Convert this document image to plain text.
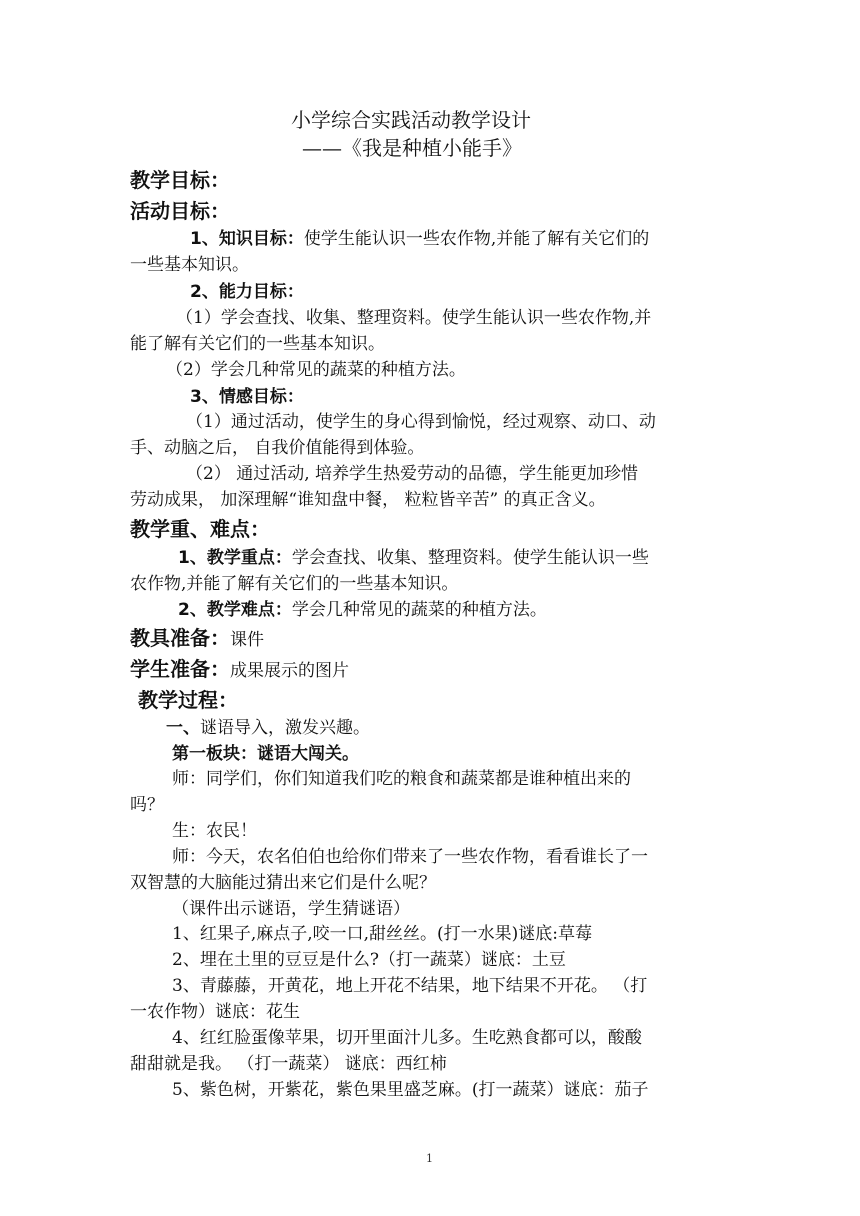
小学综合实践活动教学设计
——《我是种植小能手》
教学目标：
活动目标：
1、知识目标：使学生能认识一些农作物,并能了解有关它们的
一些基本知识。
2、能力目标：
（1）学会查找、收集、整理资料。使学生能认识一些农作物,并
能了解有关它们的一些基本知识。
（2）学会几种常见的蔬菜的种植方法。
3、情感目标：
（1）通过活动，使学生的身心得到愉悦，经过观察、动口、动
手、动脑之后， 自我价值能得到体验。
（2） 通过活动, 培养学生热爱劳动的品德，学生能更加珍惜
劳动成果， 加深理解“谁知盘中餐， 粒粒皆辛苦” 的真正含义。
教学重、难点：
1、教学重点：学会查找、收集、整理资料。使学生能认识一些
农作物,并能了解有关它们的一些基本知识。
2、教学难点：学会几种常见的蔬菜的种植方法。
教具准备：课件
学生准备：成果展示的图片
教学过程：
一、谜语导入，激发兴趣。
第一板块：谜语大闯关。
师：同学们，你们知道我们吃的粮食和蔬菜都是谁种植出来的
吗？
生：农民！
师：今天，农名伯伯也给你们带来了一些农作物，看看谁长了一
双智慧的大脑能过猜出来它们是什么呢？
（课件出示谜语，学生猜谜语）
1、红果子,麻点子,咬一口,甜丝丝。(打一水果)谜底:草莓
2、埋在土里的豆豆是什么?（打一蔬菜）谜底：土豆
3、青藤藤，开黄花，地上开花不结果，地下结果不开花。 （打
一农作物）谜底：花生
4、红红脸蛋像苹果，切开里面汁儿多。生吃熟食都可以，酸酸
甜甜就是我。 （打一蔬菜） 谜底：西红柿
5、紫色树，开紫花，紫色果里盛芝麻。(打一蔬菜）谜底：茄子
1
